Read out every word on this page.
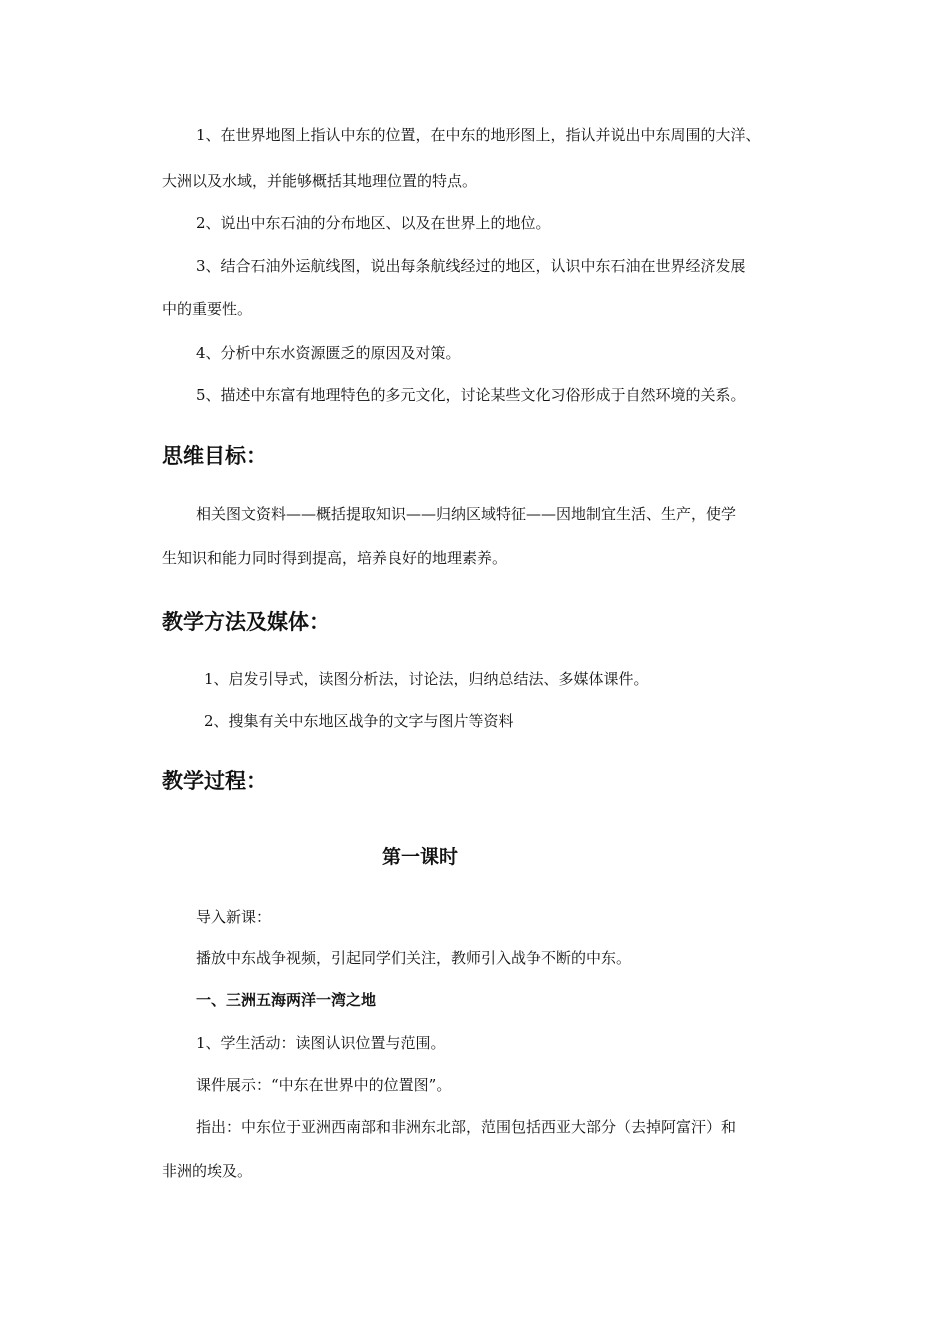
1、在世界地图上指认中东的位置，在中东的地形图上，指认并说出中东周围的大洋、
大洲以及水域，并能够概括其地理位置的特点。
2、说出中东石油的分布地区、以及在世界上的地位。
3、结合石油外运航线图，说出每条航线经过的地区，认识中东石油在世界经济发展
中的重要性。
4、分析中东水资源匮乏的原因及对策。
5、描述中东富有地理特色的多元文化，讨论某些文化习俗形成于自然环境的关系。
思维目标：
相关图文资料——概括提取知识——归纳区域特征——因地制宜生活、生产，使学
生知识和能力同时得到提高，培养良好的地理素养。
教学方法及媒体：
1、启发引导式，读图分析法，讨论法，归纳总结法、多媒体课件。
2、搜集有关中东地区战争的文字与图片等资料
教学过程：
第一课时
导入新课：
播放中东战争视频，引起同学们关注，教师引入战争不断的中东。
一、三洲五海两洋一湾之地
1、学生活动：读图认识位置与范围。
课件展示：“中东在世界中的位置图”。
指出：中东位于亚洲西南部和非洲东北部，范围包括西亚大部分（去掉阿富汗）和
非洲的埃及。
